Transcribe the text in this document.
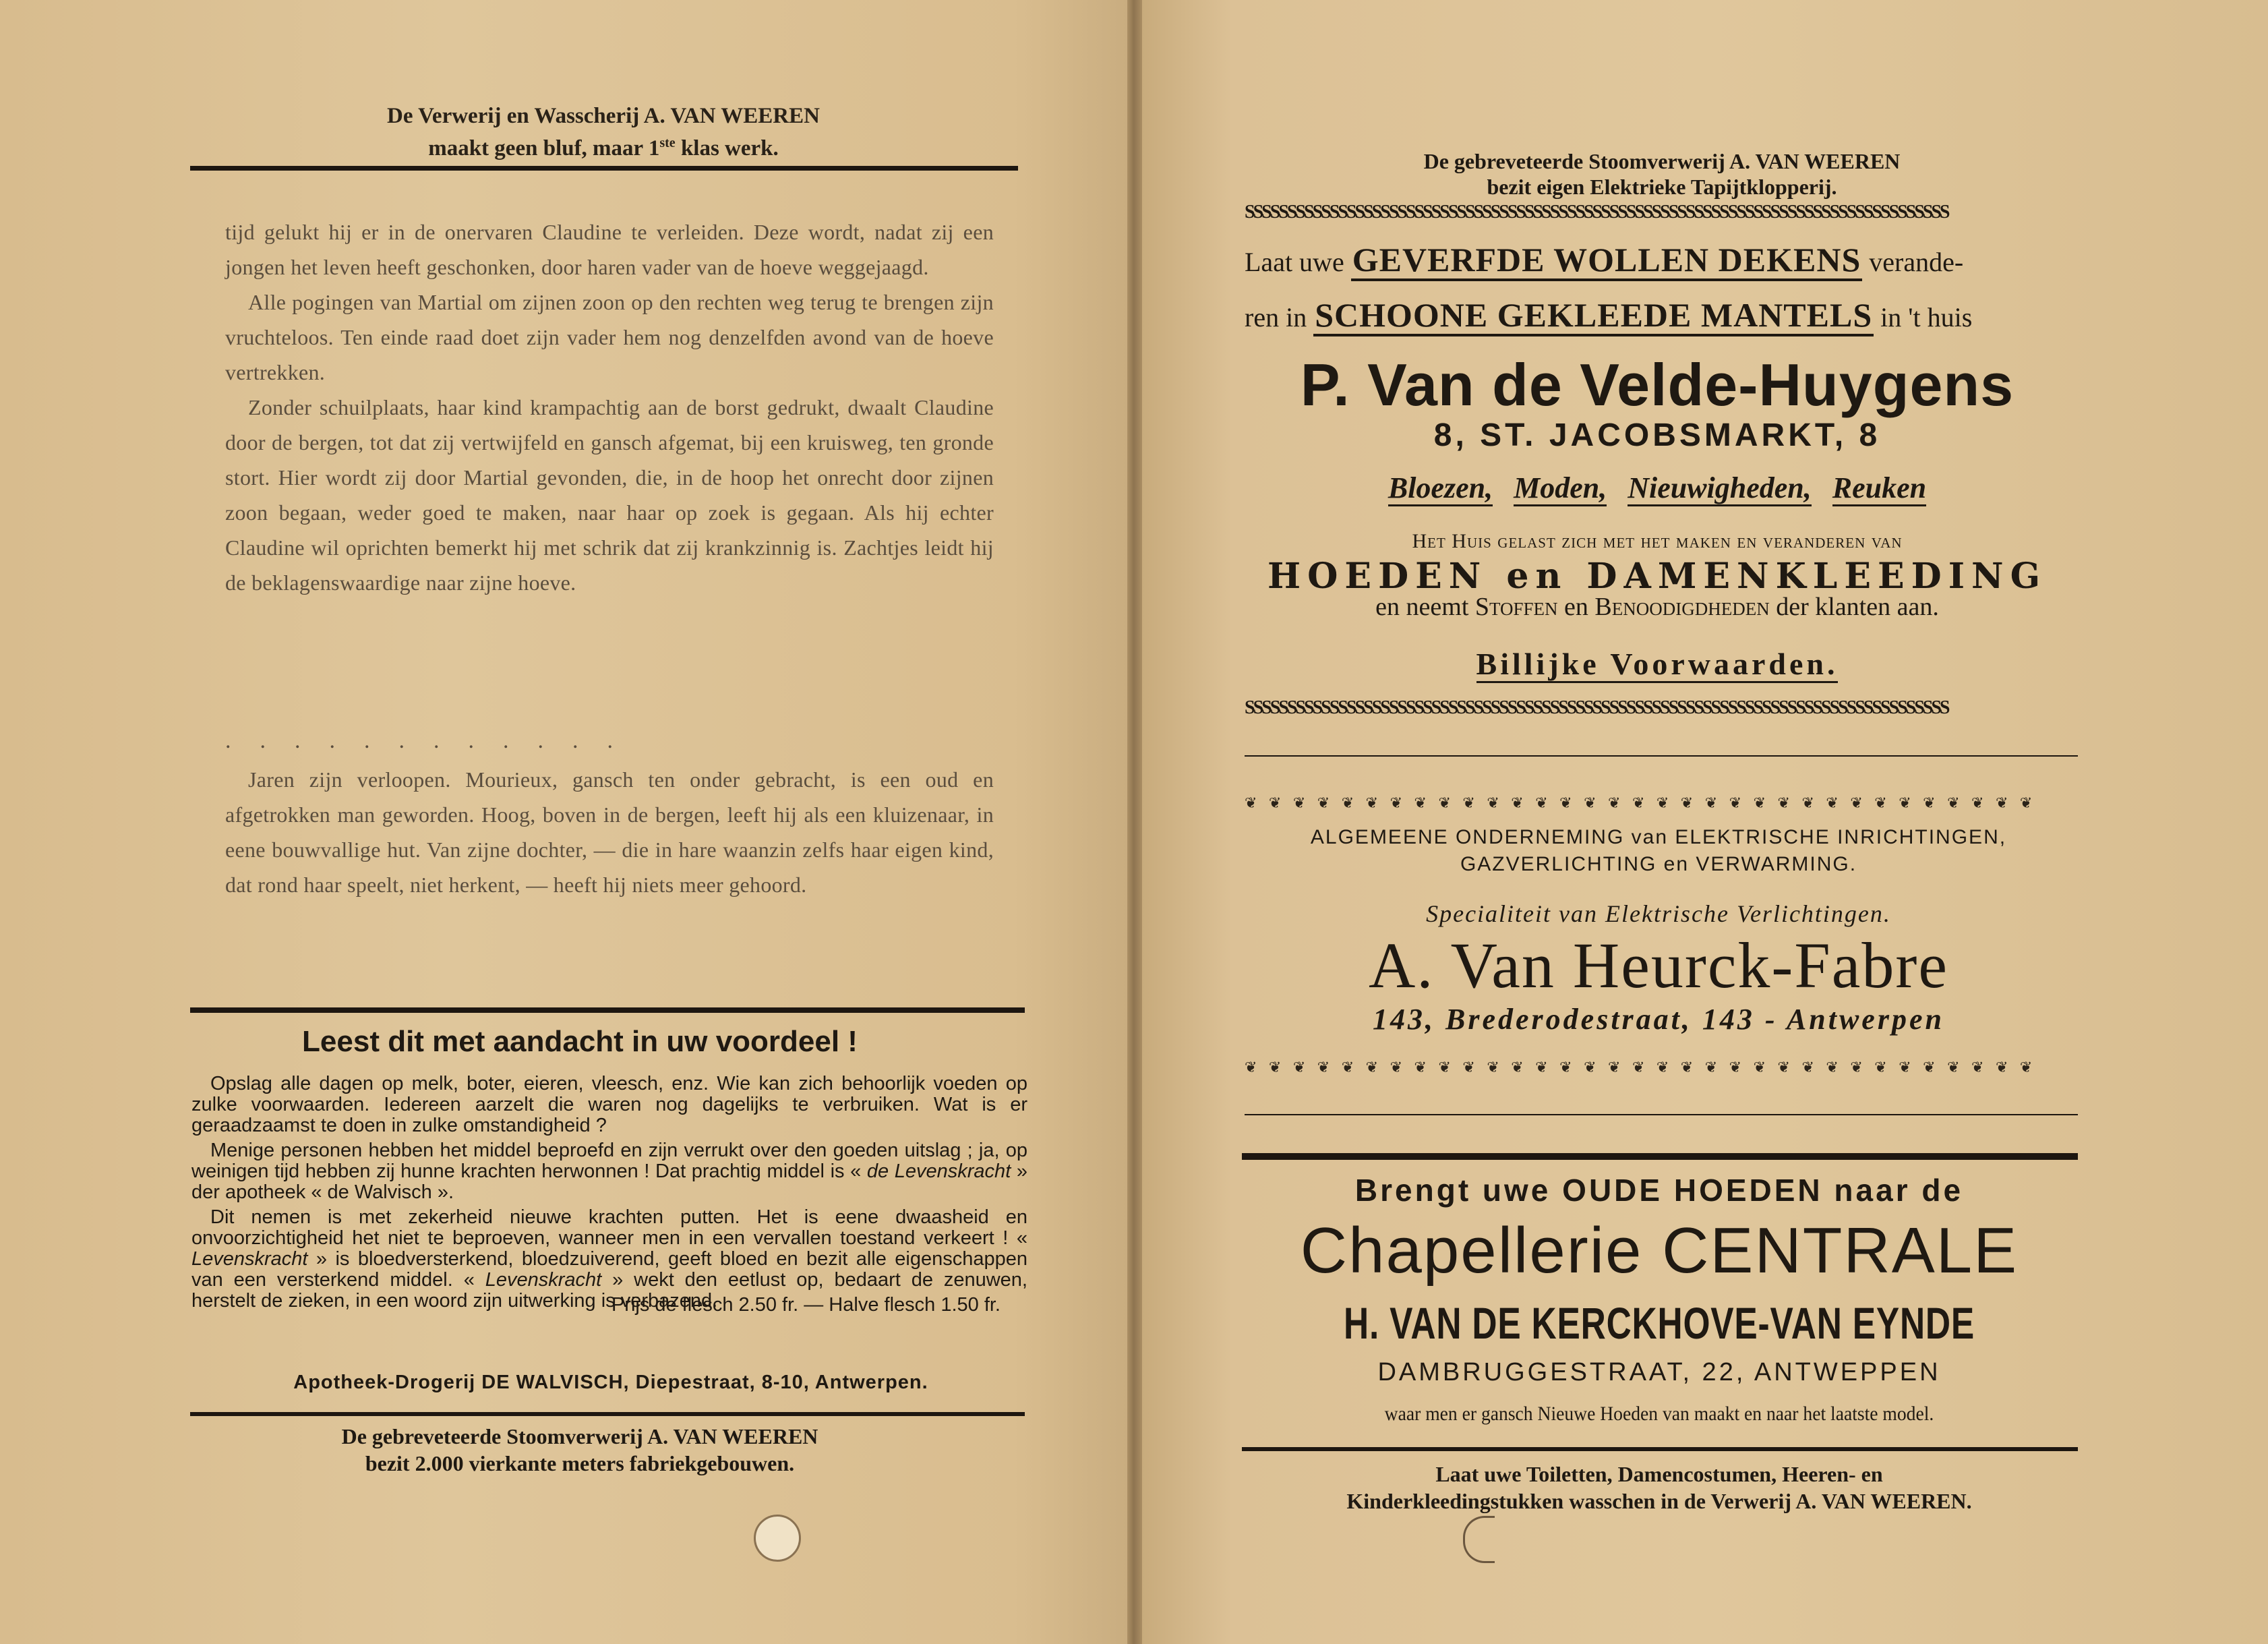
De Verwerij en Wasscherij A. VAN WEEREN
maakt geen bluf, maar 1ste klas werk.

tijd gelukt hij er in de onervaren Claudine te verleiden. Deze wordt, nadat zij een jongen het leven heeft geschonken, door haren vader van de hoeve weggejaagd.

Alle pogingen van Martial om zijnen zoon op den rechten weg terug te brengen zijn vruchteloos. Ten einde raad doet zijn vader hem nog denzelfden avond van de hoeve vertrekken.

Zonder schuilplaats, haar kind krampachtig aan de borst gedrukt, dwaalt Claudine door de bergen, tot dat zij vertwijfeld en gansch afgemat, bij een kruisweg, ten gronde stort. Hier wordt zij door Martial gevonden, die, in de hoop het onrecht door zijnen zoon begaan, weder goed te maken, naar haar op zoek is gegaan. Als hij echter Claudine wil oprichten bemerkt hij met schrik dat zij krankzinnig is. Zachtjes leidt hij de beklagenswaardige naar zijne hoeve.

............
Jaren zijn verloopen. Mourieux, gansch ten onder gebracht, is een oud en afgetrokken man geworden. Hoog, boven in de bergen, leeft hij als een kluizenaar, in eene bouwvallige hut. Van zijne dochter, — die in hare waanzin zelfs haar eigen kind, dat rond haar speelt, niet herkent, — heeft hij niets meer gehoord.
Leest dit met aandacht in uw voordeel !

Opslag alle dagen op melk, boter, eieren, vleesch, enz. Wie kan zich behoorlijk voeden op zulke voorwaarden. Iedereen aarzelt die waren nog dagelijks te verbruiken. Wat is er geraadzaamst te doen in zulke omstandigheid ?

Menige personen hebben het middel beproefd en zijn verrukt over den goeden uitslag ; ja, op weinigen tijd hebben zij hunne krachten herwonnen ! Dat prachtig middel is « de Levenskracht » der apotheek « de Walvisch ».

Dit nemen is met zekerheid nieuwe krachten putten. Het is eene dwaasheid en onvoorzichtigheid het niet te beproeven, wanneer men in een vervallen toestand verkeert ! « Levenskracht » is bloedversterkend, bloedzuiverend, geeft bloed en bezit alle eigenschappen van een versterkend middel. « Levenskracht » wekt den eetlust op, bedaart de zenuwen, herstelt de zieken, in een woord zijn uitwerking is verbazend.

Prijs de flesch 2.50 fr. — Halve flesch 1.50 fr.

Apotheek-Drogerij DE WALVISCH, Diepestraat, 8-10, Antwerpen.
De gebreveteerde Stoomverwerij A. VAN WEEREN
bezit 2.000 vierkante meters fabriekgebouwen.
De gebreveteerde Stoomverwerij A. VAN WEEREN
bezit eigen Elektrieke Tapijtklopperij.
SSSSSSSSSSSSSSSSSSSSSSSSSSSSSSSSSSSSSSSSSSSSSSSSSSSSSSSSSSSSSSSSSSSSSSSSSSSSSSSSSSS
Laat uwe GEVERFDE WOLLEN DEKENS verande-
ren in SCHOONE GEKLEEDE MANTELS in 't huis
P. Van de Velde-Huygens
8, ST. JACOBSMARKT, 8
Bloezen, Moden, Nieuwigheden, Reuken
Het Huis gelast zich met het maken en veranderen van
HOEDEN en DAMENKLEEDING
en neemt Stoffen en Benoodigdheden der klanten aan.
Billijke Voorwaarden.
SSSSSSSSSSSSSSSSSSSSSSSSSSSSSSSSSSSSSSSSSSSSSSSSSSSSSSSSSSSSSSSSSSSSSSSSSSSSSSSSSSS
❦ ❦ ❦ ❦ ❦ ❦ ❦ ❦ ❦ ❦ ❦ ❦ ❦ ❦ ❦ ❦ ❦ ❦ ❦ ❦ ❦ ❦ ❦ ❦ ❦ ❦ ❦ ❦ ❦ ❦ ❦ ❦ ❦
ALGEMEENE ONDERNEMING van ELEKTRISCHE INRICHTINGEN,
GAZVERLICHTING en VERWARMING.
Specialiteit van Elektrische Verlichtingen.
A. Van Heurck-Fabre
143, Brederodestraat, 143 - Antwerpen
❦ ❦ ❦ ❦ ❦ ❦ ❦ ❦ ❦ ❦ ❦ ❦ ❦ ❦ ❦ ❦ ❦ ❦ ❦ ❦ ❦ ❦ ❦ ❦ ❦ ❦ ❦ ❦ ❦ ❦ ❦ ❦ ❦
Brengt uwe OUDE HOEDEN naar de
Chapellerie CENTRALE
H. VAN DE KERCKHOVE-VAN EYNDE
DAMBRUGGESTRAAT, 22, ANTWEPPEN
waar men er gansch Nieuwe Hoeden van maakt en naar het laatste model.
Laat uwe Toiletten, Damencostumen, Heeren- en
Kinderkleedingstukken wasschen in de Verwerij A. VAN WEEREN.
